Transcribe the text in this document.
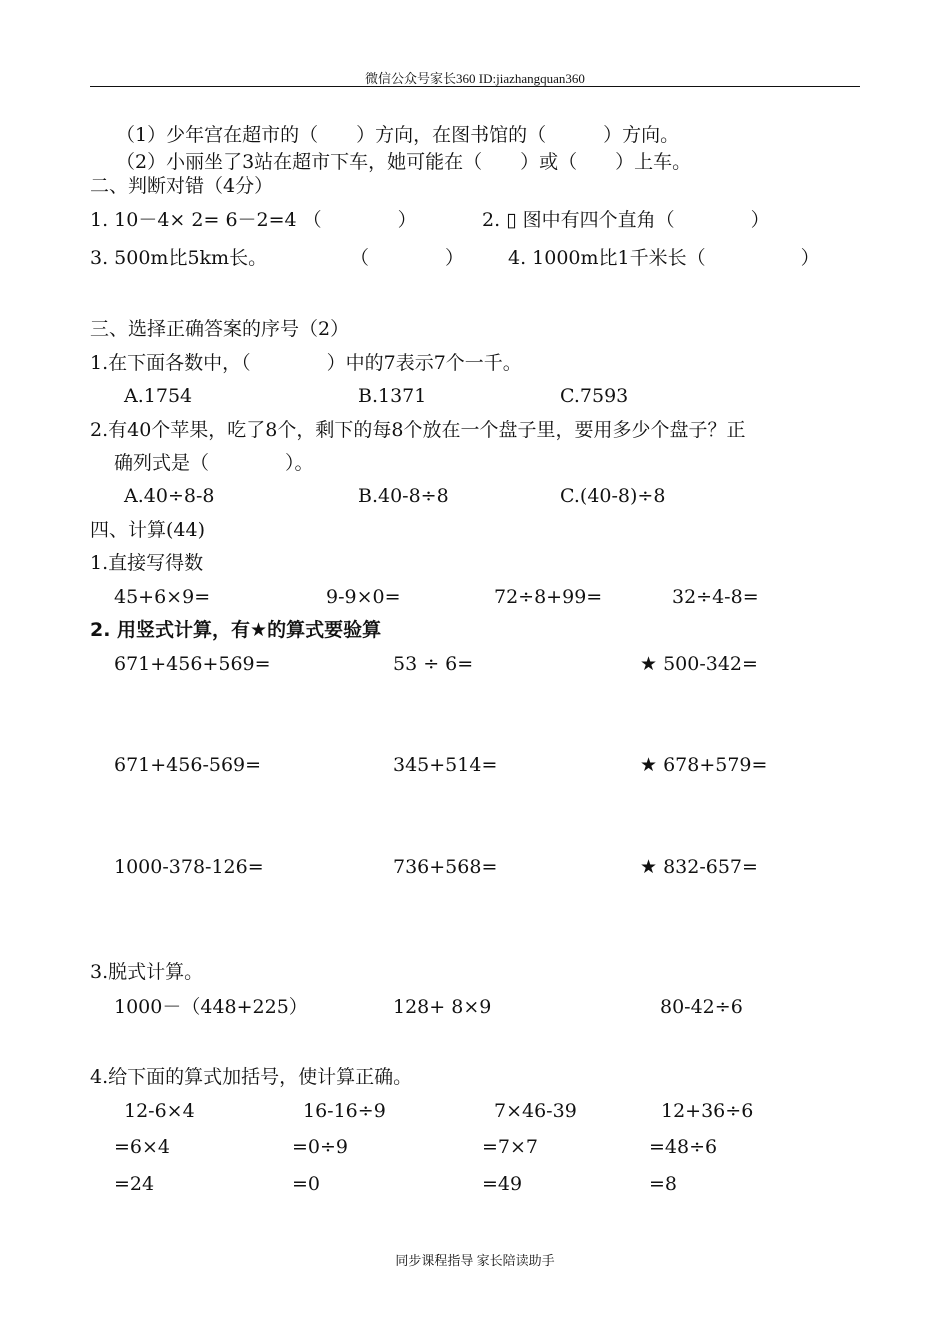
微信公众号家长360 ID:jiazhangquan360
（1）少年宫在超市的（　　）方向，在图书馆的（　　　）方向。
（2）小丽坐了3站在超市下车，她可能在（　　）或（　　）上车。
二、判断对错（4分）
1. 10－4× 2= 6－2=4 （　　　　）	2. ▯ 图中有四个直角（　　　　）
3. 500m比5km长。	（　　　　） 4. 1000m比1千米长（　　　　　）
三、选择正确答案的序号（2）
1.在下面各数中，（　　　　）中的7表示7个一千。
A.1754	B.1371	C.7593
2.有40个苹果，吃了8个，剩下的每8个放在一个盘子里，要用多少个盘子？正
确列式是（　　　　）。
A.40÷8-8	B.40-8÷8	C.(40-8)÷8
四、计算(44)
1.直接写得数
45+6×9=	9-9×0=	72÷8+99=	32÷4-8=
2. 用竖式计算，有★的算式要验算
671+456+569=	53 ÷ 6=	★ 500-342=
671+456-569=	345+514=	★ 678+579=
1000-378-126=	736+568=	★ 832-657=
3.脱式计算。
1000－（448+225）	128+ 8×9	80-42÷6
4.给下面的算式加括号，使计算正确。
12-6×4	16-16÷9	7×46-39	12+36÷6
=6×4	=0÷9	=7×7	=48÷6
=24	=0	=49	=8
同步课程指导 家长陪读助手
